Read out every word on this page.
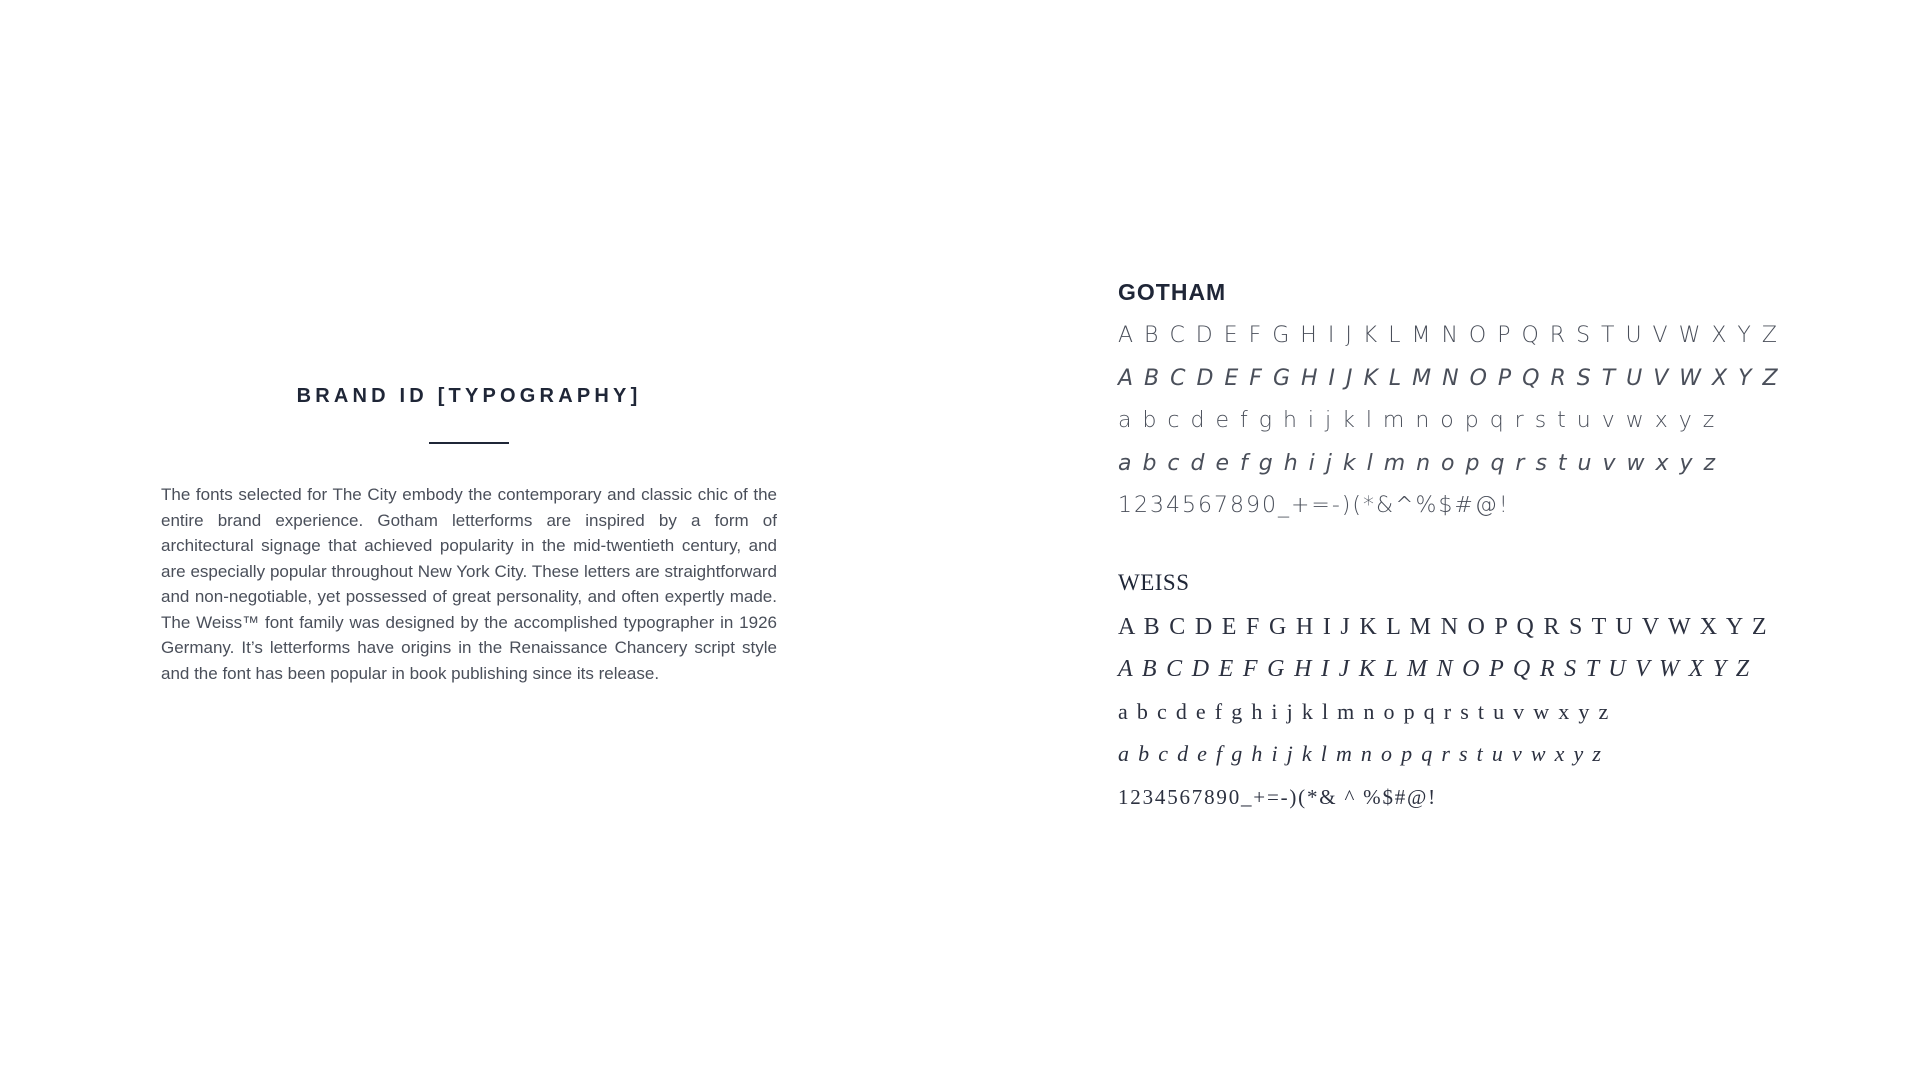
BRAND ID [TYPOGRAPHY]

The fonts selected for The City embody the contemporary and classic chic of the entire brand experience. Gotham letterforms are inspired by a form of architectural signage that achieved popularity in the mid-twentieth century, and are especially popular throughout New York City. These letters are straightforward and non-negotiable, yet possessed of great personality, and often expertly made. The Weiss™ font family was designed by the accomplished typographer in 1926 Germany. It’s letterforms have origins in the Renaissance Chancery script style and the font has been popular in book publishing since its release.

GOTHAM

A B C D E F G H I J K L M N O P Q R S T U V W X Y Z

A B C D E F G H I J K L M N O P Q R S T U V W X Y Z

a b c d e f g h i j k l m n o p q r s t u v w x y z

a b c d e f g h i j k l m n o p q r s t u v w x y z

1234567890_+=-)(*&^%$#@!

WEISS

A B C D E F G H I J K L M N O P Q R S T U V W X Y Z

A B C D E F G H I J K L M N O P Q R S T U V W X Y Z

a b c d e f g h i j k l m n o p q r s t u v w x y z

a b c d e f g h i j k l m n o p q r s t u v w x y z

1234567890_+=-)(*& ^ %$#@!
